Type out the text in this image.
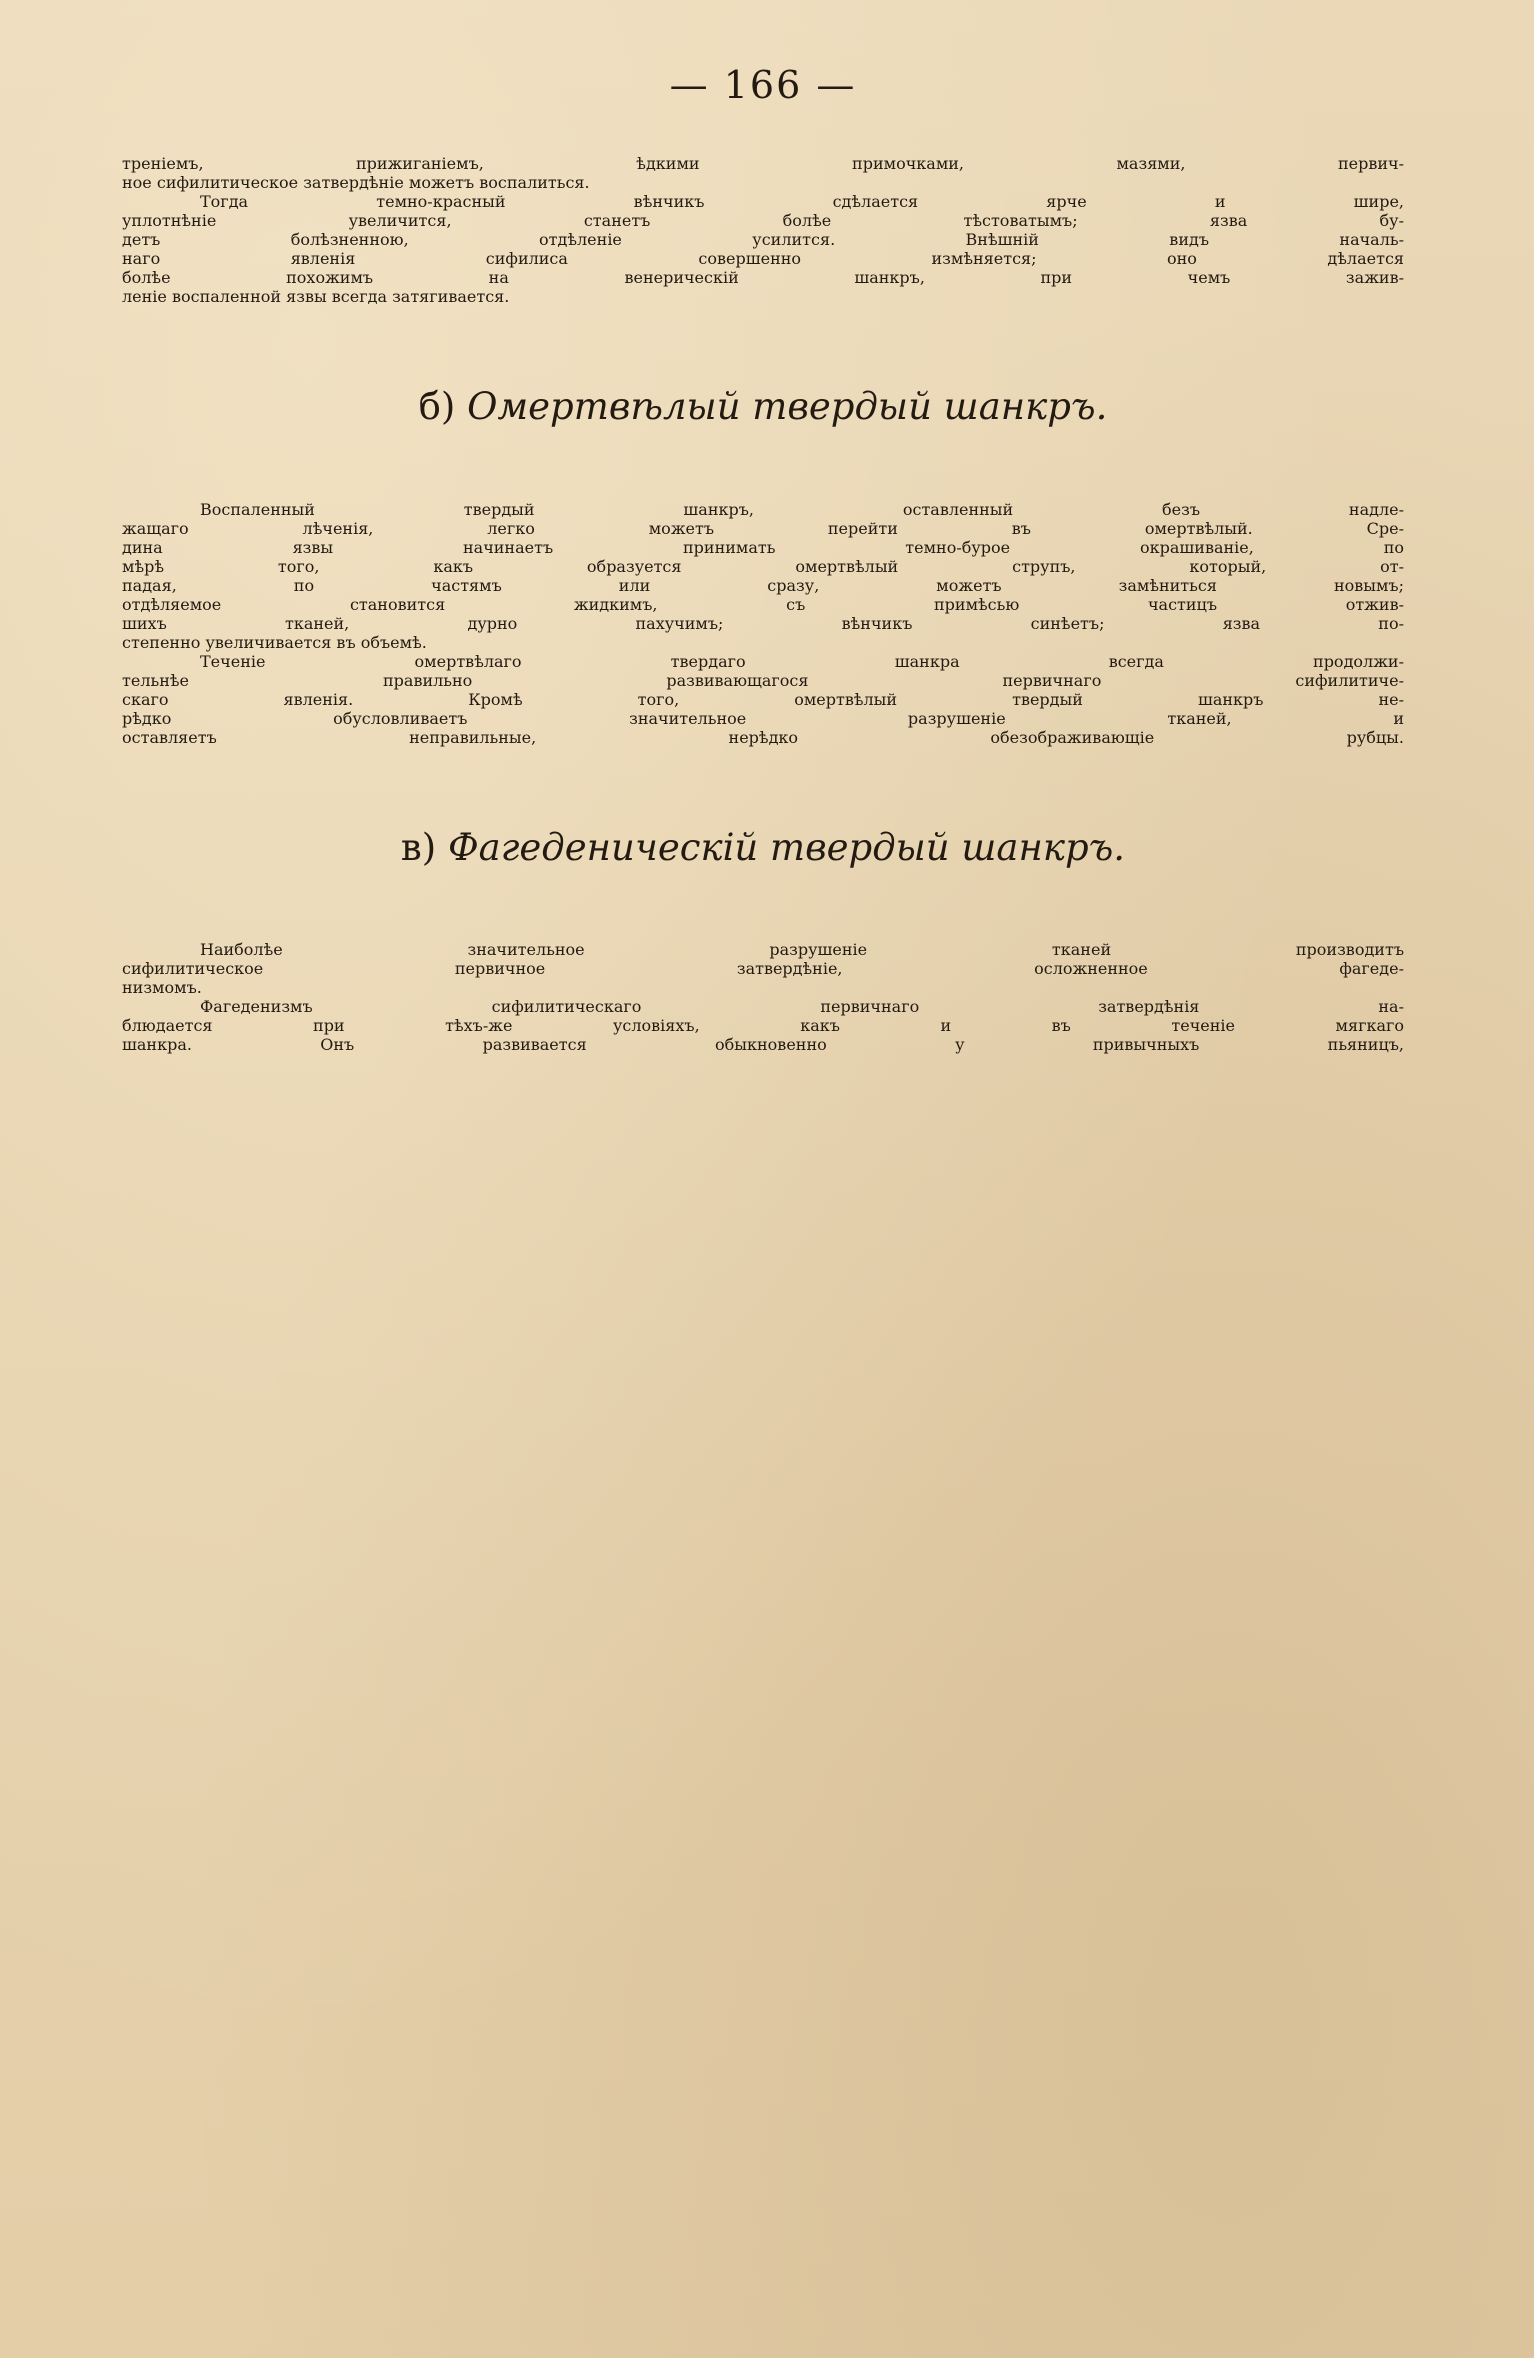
— 166 —
треніемъ, прижиганіемъ, ѣдкими примочками, мазями, первич-
ное сифилитическое затвердѣніе можетъ воспалиться.
Тогда темно-красный вѣнчикъ сдѣлается ярче и шире,
уплотнѣніе увеличится, станетъ болѣе тѣстоватымъ; язва бу-
детъ болѣзненною, отдѣленіе усилится. Внѣшній видъ началь-
наго явленія сифилиса совершенно измѣняется; оно дѣлается
болѣе похожимъ на венерическій шанкръ, при чемъ зажив-
леніе воспаленной язвы всегда затягивается.
б) Омертвѣлый твердый шанкръ.
Воспаленный твердый шанкръ, оставленный безъ надле-
жащаго лѣченія, легко можетъ перейти въ омертвѣлый. Сре-
дина язвы начинаетъ принимать темно-бурое окрашиваніе, по
мѣрѣ того, какъ образуется омертвѣлый струпъ, который, от-
падая, по частямъ или сразу, можетъ замѣниться новымъ;
отдѣляемое становится жидкимъ, съ примѣсью частицъ отжив-
шихъ тканей, дурно пахучимъ; вѣнчикъ синѣетъ; язва по-
степенно увеличивается въ объемѣ.
Теченіе омертвѣлаго твердаго шанкра всегда продолжи-
тельнѣе правильно развивающагося первичнаго сифилитиче-
скаго явленія. Кромѣ того, омертвѣлый твердый шанкръ не-
рѣдко обусловливаетъ значительное разрушеніе тканей, и
оставляетъ неправильные, нерѣдко обезображивающіе рубцы.
в) Фагеденическій твердый шанкръ.
Наиболѣе значительное разрушеніе тканей производитъ
сифилитическое первичное затвердѣніе, осложненное фагеде-
низмомъ.
Фагеденизмъ сифилитическаго первичнаго затвердѣнія на-
блюдается при тѣхъ-же условіяхъ, какъ и въ теченіе мягкаго
шанкра. Онъ развивается обыкновенно у привычныхъ пьяницъ,
